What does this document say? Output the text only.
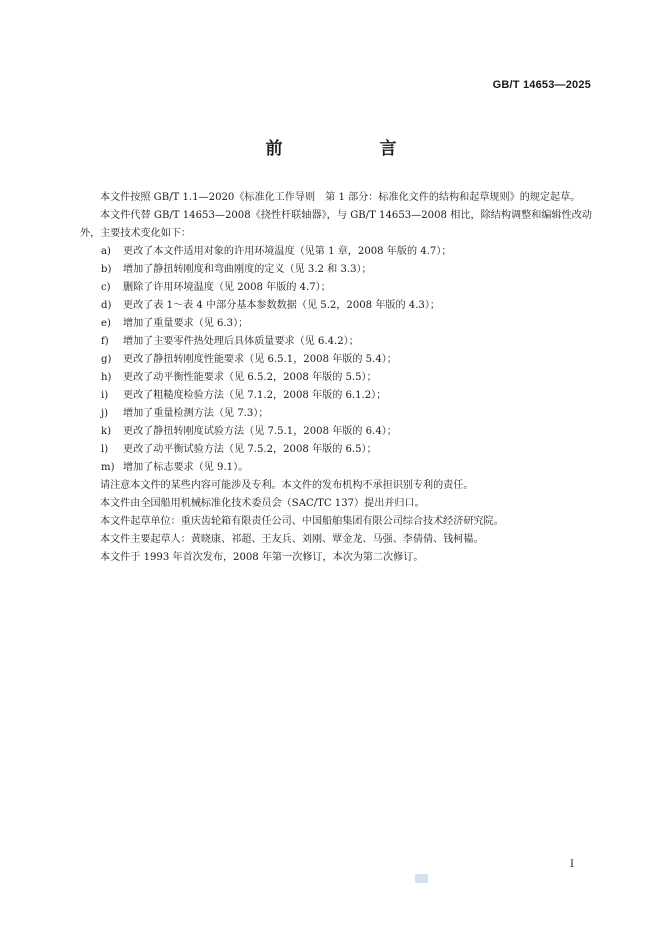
GB/T 14653—2025
前　言

本文件按照 GB/T 1.1—2020《标准化工作导则　第 1 部分：标准化文件的结构和起草规则》的规定起草。

本文件代替 GB/T 14653—2008《挠性杆联轴器》，与 GB/T 14653—2008 相比，除结构调整和编辑性改动外，主要技术变化如下：

a) 更改了本文件适用对象的许用环境温度（见第 1 章，2008 年版的 4.7）；
b) 增加了静扭转刚度和弯曲刚度的定义（见 3.2 和 3.3）；
c) 删除了许用环境温度（见 2008 年版的 4.7）；
d) 更改了表 1～表 4 中部分基本参数数据（见 5.2，2008 年版的 4.3）；
e) 增加了重量要求（见 6.3）；
f) 增加了主要零件热处理后具体质量要求（见 6.4.2）；
g) 更改了静扭转刚度性能要求（见 6.5.1，2008 年版的 5.4）；
h) 更改了动平衡性能要求（见 6.5.2，2008 年版的 5.5）；
i) 更改了粗糙度检验方法（见 7.1.2，2008 年版的 6.1.2）；
j) 增加了重量检测方法（见 7.3）；
k) 更改了静扭转刚度试验方法（见 7.5.1，2008 年版的 6.4）；
l) 更改了动平衡试验方法（见 7.5.2，2008 年版的 6.5）；
m) 增加了标志要求（见 9.1）。

请注意本文件的某些内容可能涉及专利。本文件的发布机构不承担识别专利的责任。

本文件由全国船用机械标准化技术委员会（SAC/TC 137）提出并归口。

本文件起草单位：重庆齿轮箱有限责任公司、中国船舶集团有限公司综合技术经济研究院。

本文件主要起草人：黄晓康、祁超、王友兵、刘刚、覃金龙、马强、李倩倩、钱柯韫。

本文件于 1993 年首次发布，2008 年第一次修订，本次为第二次修订。

I
